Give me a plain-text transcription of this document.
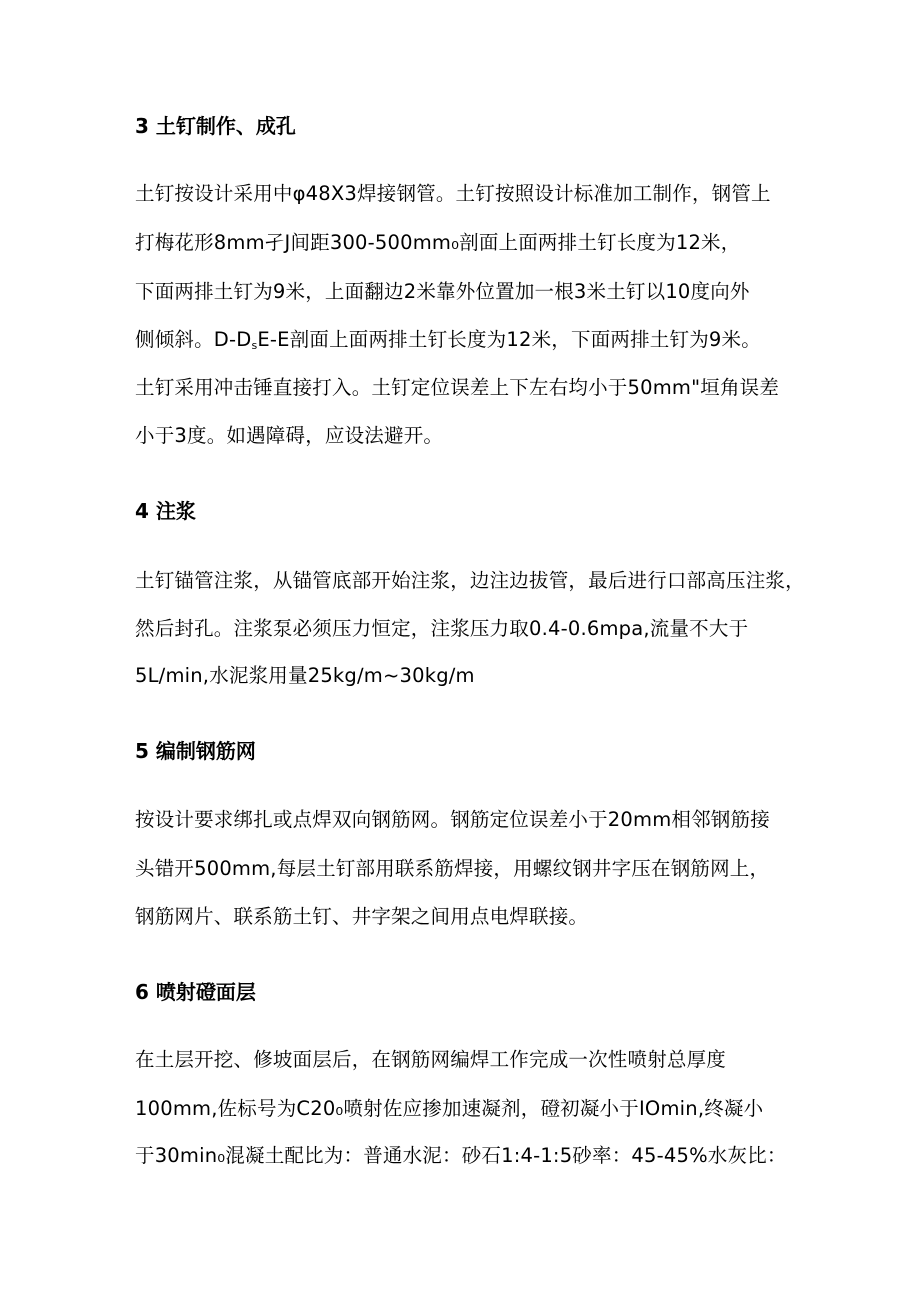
3 土钉制作、成孔
土钉按设计采用中φ48X3焊接钢管。土钉按照设计标准加工制作，钢管上
打梅花形8mm孑J间距300-500mm₀剖面上面两排土钉长度为12米，
下面两排土钉为9米，上面翻边2米靠外位置加一根3米土钉以10度向外
侧倾斜。$D-D_sE-E$剖面上面两排土钉长度为12米，下面两排土钉为9米。
土钉采用冲击锤直接打入。土钉定位误差上下左右均小于50mm"垣角误差
小于3度。如遇障碍，应设法避开。
4 注浆
土钉锚管注浆，从锚管底部开始注浆，边注边拔管，最后进行口部高压注浆，
然后封孔。注浆泵必须压力恒定，注浆压力取0.4-0.6mpa,流量不大于
5L∕min,水泥浆用量25kg∕m~30kg∕m
5 编制钢筋网
按设计要求绑扎或点焊双向钢筋网。钢筋定位误差小于20mm相邻钢筋接
头错开500mm,每层土钉部用联系筋焊接，用螺纹钢井字压在钢筋网上，
钢筋网片、联系筋土钉、井字架之间用点电焊联接。
6 喷射磴面层
在土层开挖、修坡面层后，在钢筋网编焊工作完成一次性喷射总厚度
100mm,佐标号为C20₀喷射佐应掺加速凝剂，磴初凝小于IOmin,终凝小
于30min₀混凝土配比为：普通水泥：砂石1:4-1:5砂率：45-45%水灰比：
